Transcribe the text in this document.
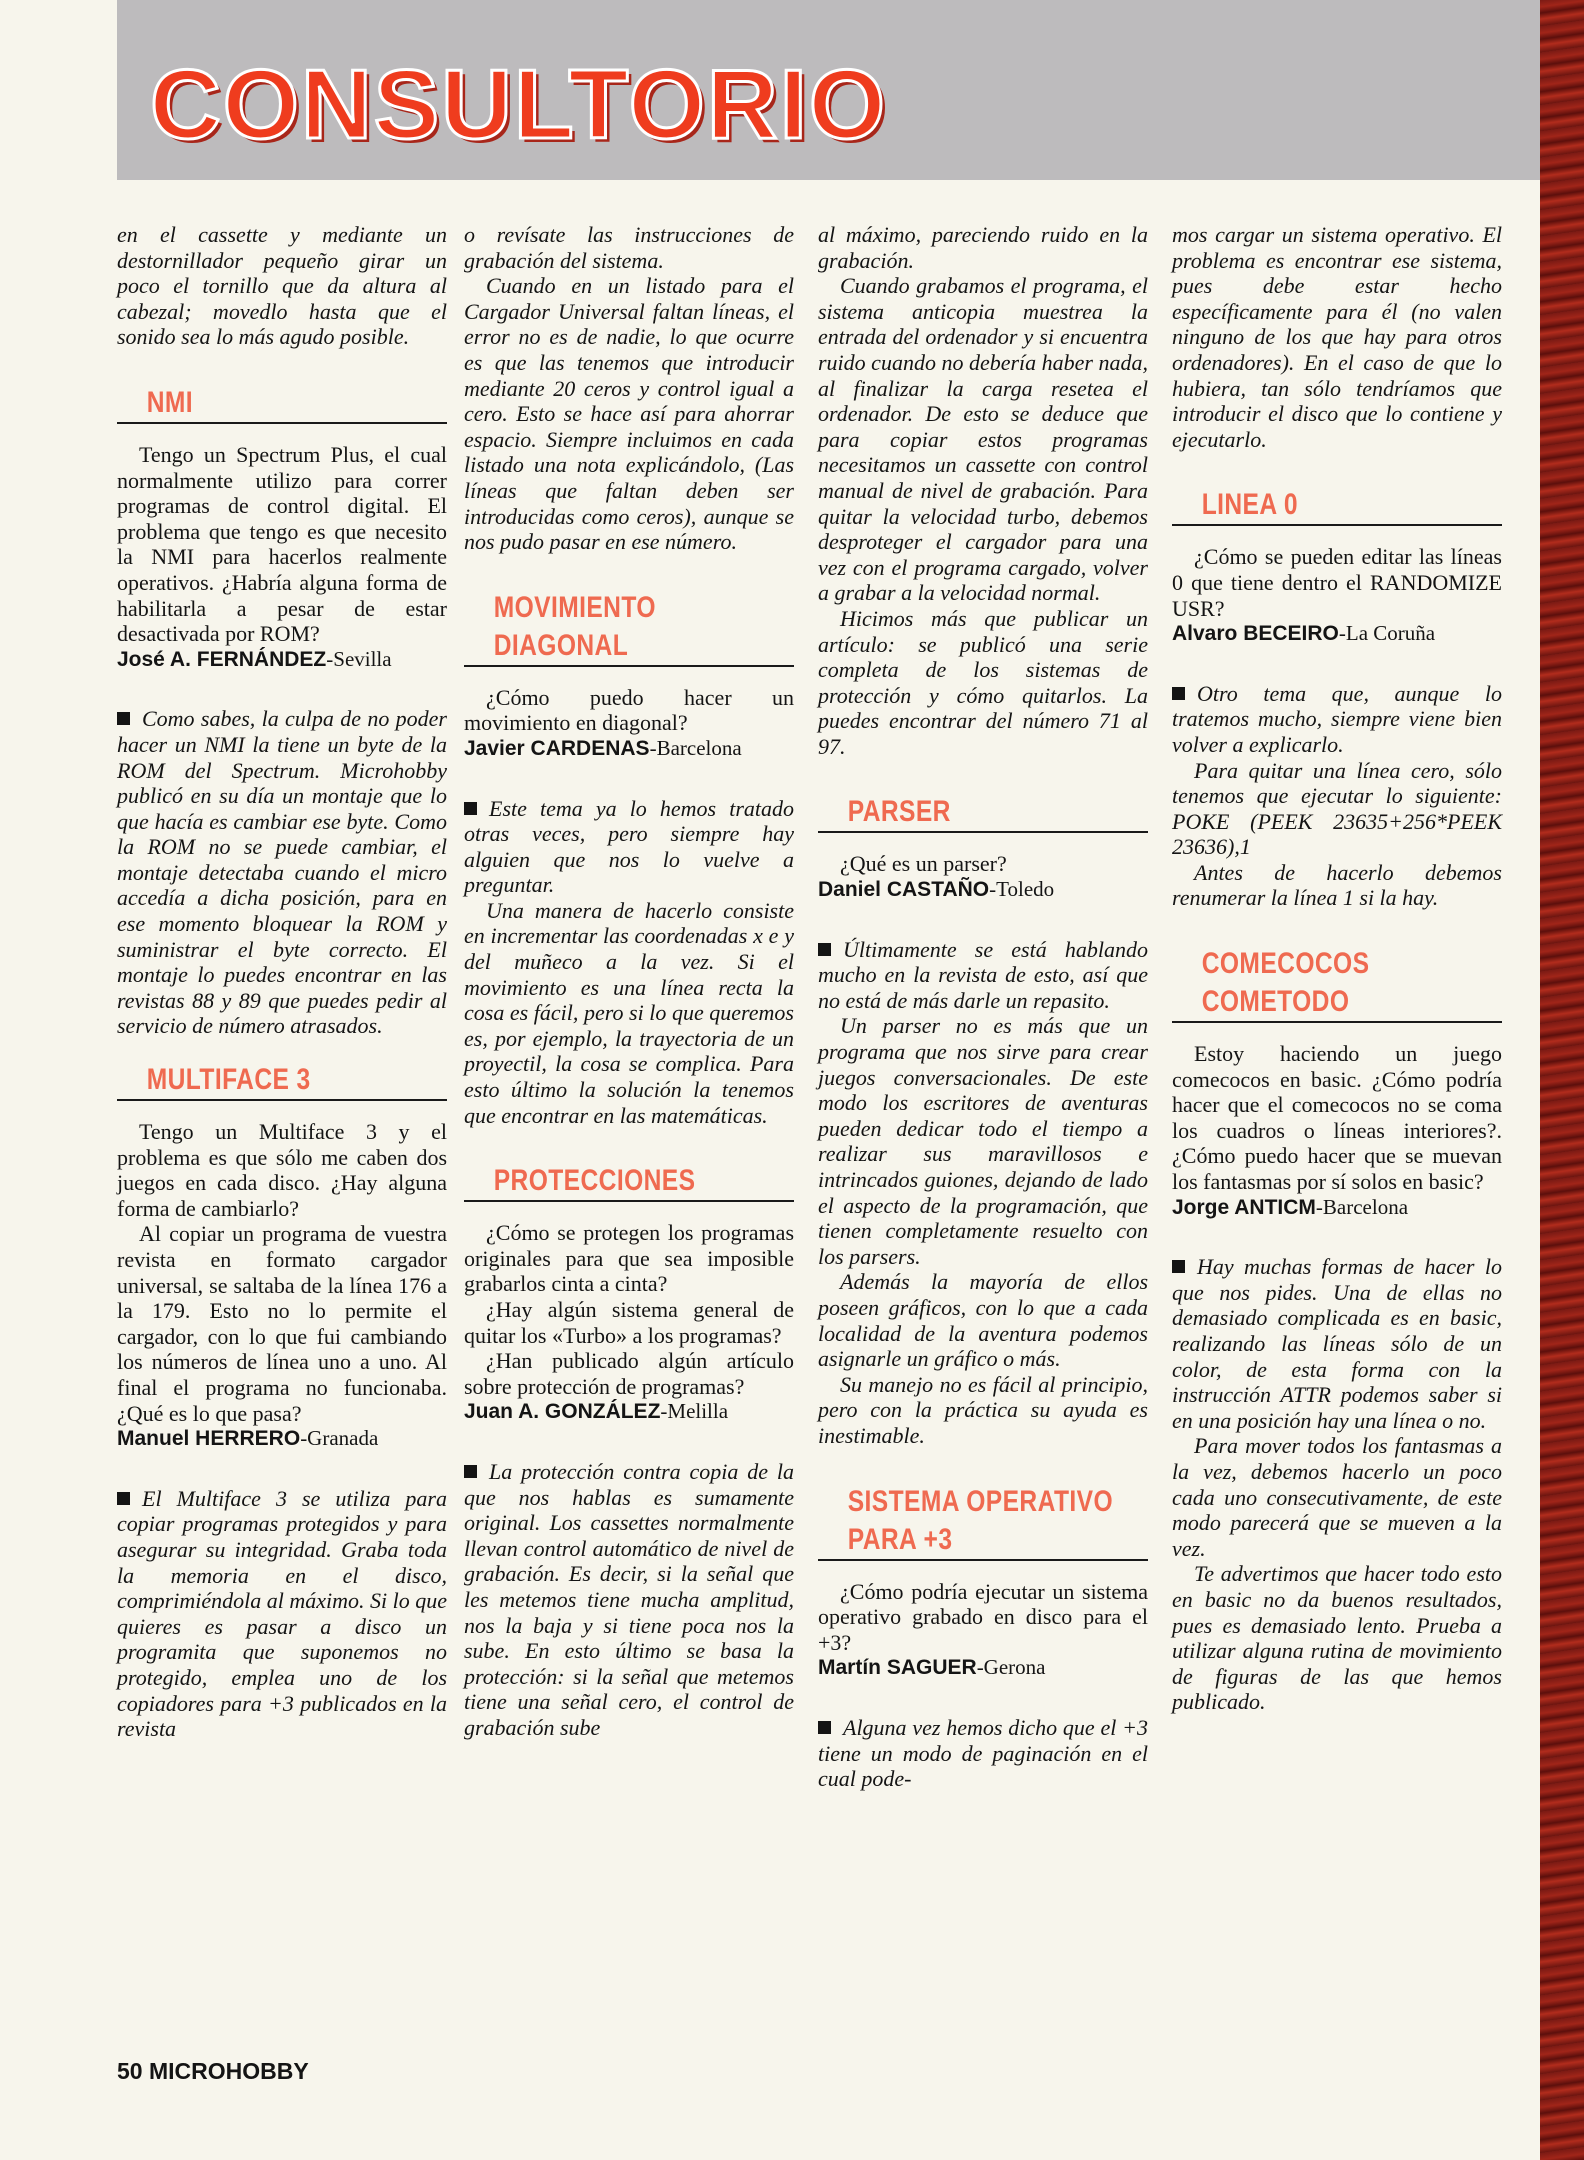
CONSULTORIO

en el cassette y mediante un destornillador pequeño girar un poco el tornillo que da altura al cabezal; movedlo hasta que el sonido sea lo más agudo posible.

NMI

Tengo un Spectrum Plus, el cual normalmente utilizo para correr programas de control digital. El problema que tengo es que necesito la NMI para hacerlos realmente operativos. ¿Habría alguna forma de habilitarla a pesar de estar desactivada por ROM?

José A. FERNÁNDEZ-Sevilla

Como sabes, la culpa de no poder hacer un NMI la tiene un byte de la ROM del Spectrum. Microhobby publicó en su día un montaje que lo que hacía es cambiar ese byte. Como la ROM no se puede cambiar, el montaje detectaba cuando el micro accedía a dicha posición, para en ese momento bloquear la ROM y suministrar el byte correcto. El montaje lo puedes encontrar en las revistas 88 y 89 que puedes pedir al servicio de número atrasados.

MULTIFACE 3

Tengo un Multiface 3 y el problema es que sólo me caben dos juegos en cada disco. ¿Hay alguna forma de cambiarlo?

Al copiar un programa de vuestra revista en formato cargador universal, se saltaba de la línea 176 a la 179. Esto no lo permite el cargador, con lo que fui cambiando los números de línea uno a uno. Al final el programa no funcionaba. ¿Qué es lo que pasa?

Manuel HERRERO-Granada

El Multiface 3 se utiliza para copiar programas protegidos y para asegurar su integridad. Graba toda la memoria en el disco, comprimiéndola al máximo. Si lo que quieres es pasar a disco un programita que suponemos no protegido, emplea uno de los copiadores para +3 publicados en la revista

o revísate las instrucciones de grabación del sistema.

Cuando en un listado para el Cargador Universal faltan líneas, el error no es de nadie, lo que ocurre es que las tenemos que introducir mediante 20 ceros y control igual a cero. Esto se hace así para ahorrar espacio. Siempre incluimos en cada listado una nota explicándolo, (Las líneas que faltan deben ser introducidas como ceros), aunque se nos pudo pasar en ese número.

MOVIMIENTO
DIAGONAL

¿Cómo puedo hacer un movimiento en diagonal?

Javier CARDENAS-Barcelona

Este tema ya lo hemos tratado otras veces, pero siempre hay alguien que nos lo vuelve a preguntar.

Una manera de hacerlo consiste en incrementar las coordenadas x e y del muñeco a la vez. Si el movimiento es una línea recta la cosa es fácil, pero si lo que queremos es, por ejemplo, la trayectoria de un proyectil, la cosa se complica. Para esto último la solución la tenemos que encontrar en las matemáticas.

PROTECCIONES

¿Cómo se protegen los programas originales para que sea imposible grabarlos cinta a cinta?

¿Hay algún sistema general de quitar los «Turbo» a los programas?

¿Han publicado algún artículo sobre protección de programas?

Juan A. GONZÁLEZ-Melilla

La protección contra copia de la que nos hablas es sumamente original. Los cassettes normalmente llevan control automático de nivel de grabación. Es decir, si la señal que les metemos tiene mucha amplitud, nos la baja y si tiene poca nos la sube. En esto último se basa la protección: si la señal que metemos tiene una señal cero, el control de grabación sube

al máximo, pareciendo ruido en la grabación.

Cuando grabamos el programa, el sistema anticopia muestrea la entrada del ordenador y si encuentra ruido cuando no debería haber nada, al finalizar la carga resetea el ordenador. De esto se deduce que para copiar estos programas necesitamos un cassette con control manual de nivel de grabación. Para quitar la velocidad turbo, debemos desproteger el cargador para una vez con el programa cargado, volver a grabar a la velocidad normal.

Hicimos más que publicar un artículo: se publicó una serie completa de los sistemas de protección y cómo quitarlos. La puedes encontrar del número 71 al 97.

PARSER

¿Qué es un parser?

Daniel CASTAÑO-Toledo

Últimamente se está hablando mucho en la revista de esto, así que no está de más darle un repasito.

Un parser no es más que un programa que nos sirve para crear juegos conversacionales. De este modo los escritores de aventuras pueden dedicar todo el tiempo a realizar sus maravillosos e intrincados guiones, dejando de lado el aspecto de la programación, que tienen completamente resuelto con los parsers.

Además la mayoría de ellos poseen gráficos, con lo que a cada localidad de la aventura podemos asignarle un gráfico o más.

Su manejo no es fácil al principio, pero con la práctica su ayuda es inestimable.

SISTEMA OPERATIVO
PARA +3

¿Cómo podría ejecutar un sistema operativo grabado en disco para el +3?

Martín SAGUER-Gerona

Alguna vez hemos dicho que el +3 tiene un modo de paginación en el cual pode-

mos cargar un sistema operativo. El problema es encontrar ese sistema, pues debe estar hecho específicamente para él (no valen ninguno de los que hay para otros ordenadores). En el caso de que lo hubiera, tan sólo tendríamos que introducir el disco que lo contiene y ejecutarlo.

LINEA 0

¿Cómo se pueden editar las líneas 0 que tiene dentro el RANDOMIZE USR?

Alvaro BECEIRO-La Coruña

Otro tema que, aunque lo tratemos mucho, siempre viene bien volver a explicarlo.

Para quitar una línea cero, sólo tenemos que ejecutar lo siguiente: POKE (PEEK 23635+256*PEEK 23636),1

Antes de hacerlo debemos renumerar la línea 1 si la hay.

COMECOCOS
COMETODO

Estoy haciendo un juego comecocos en basic. ¿Cómo podría hacer que el comecocos no se coma los cuadros o líneas interiores?. ¿Cómo puedo hacer que se muevan los fantasmas por sí solos en basic?

Jorge ANTICM-Barcelona

Hay muchas formas de hacer lo que nos pides. Una de ellas no demasiado complicada es en basic, realizando las líneas sólo de un color, de esta forma con la instrucción ATTR podemos saber si en una posición hay una línea o no.

Para mover todos los fantasmas a la vez, debemos hacerlo un poco cada uno consecutivamente, de este modo parecerá que se mueven a la vez.

Te advertimos que hacer todo esto en basic no da buenos resultados, pues es demasiado lento. Prueba a utilizar alguna rutina de movimiento de figuras de las que hemos publicado.

50 MICROHOBBY
